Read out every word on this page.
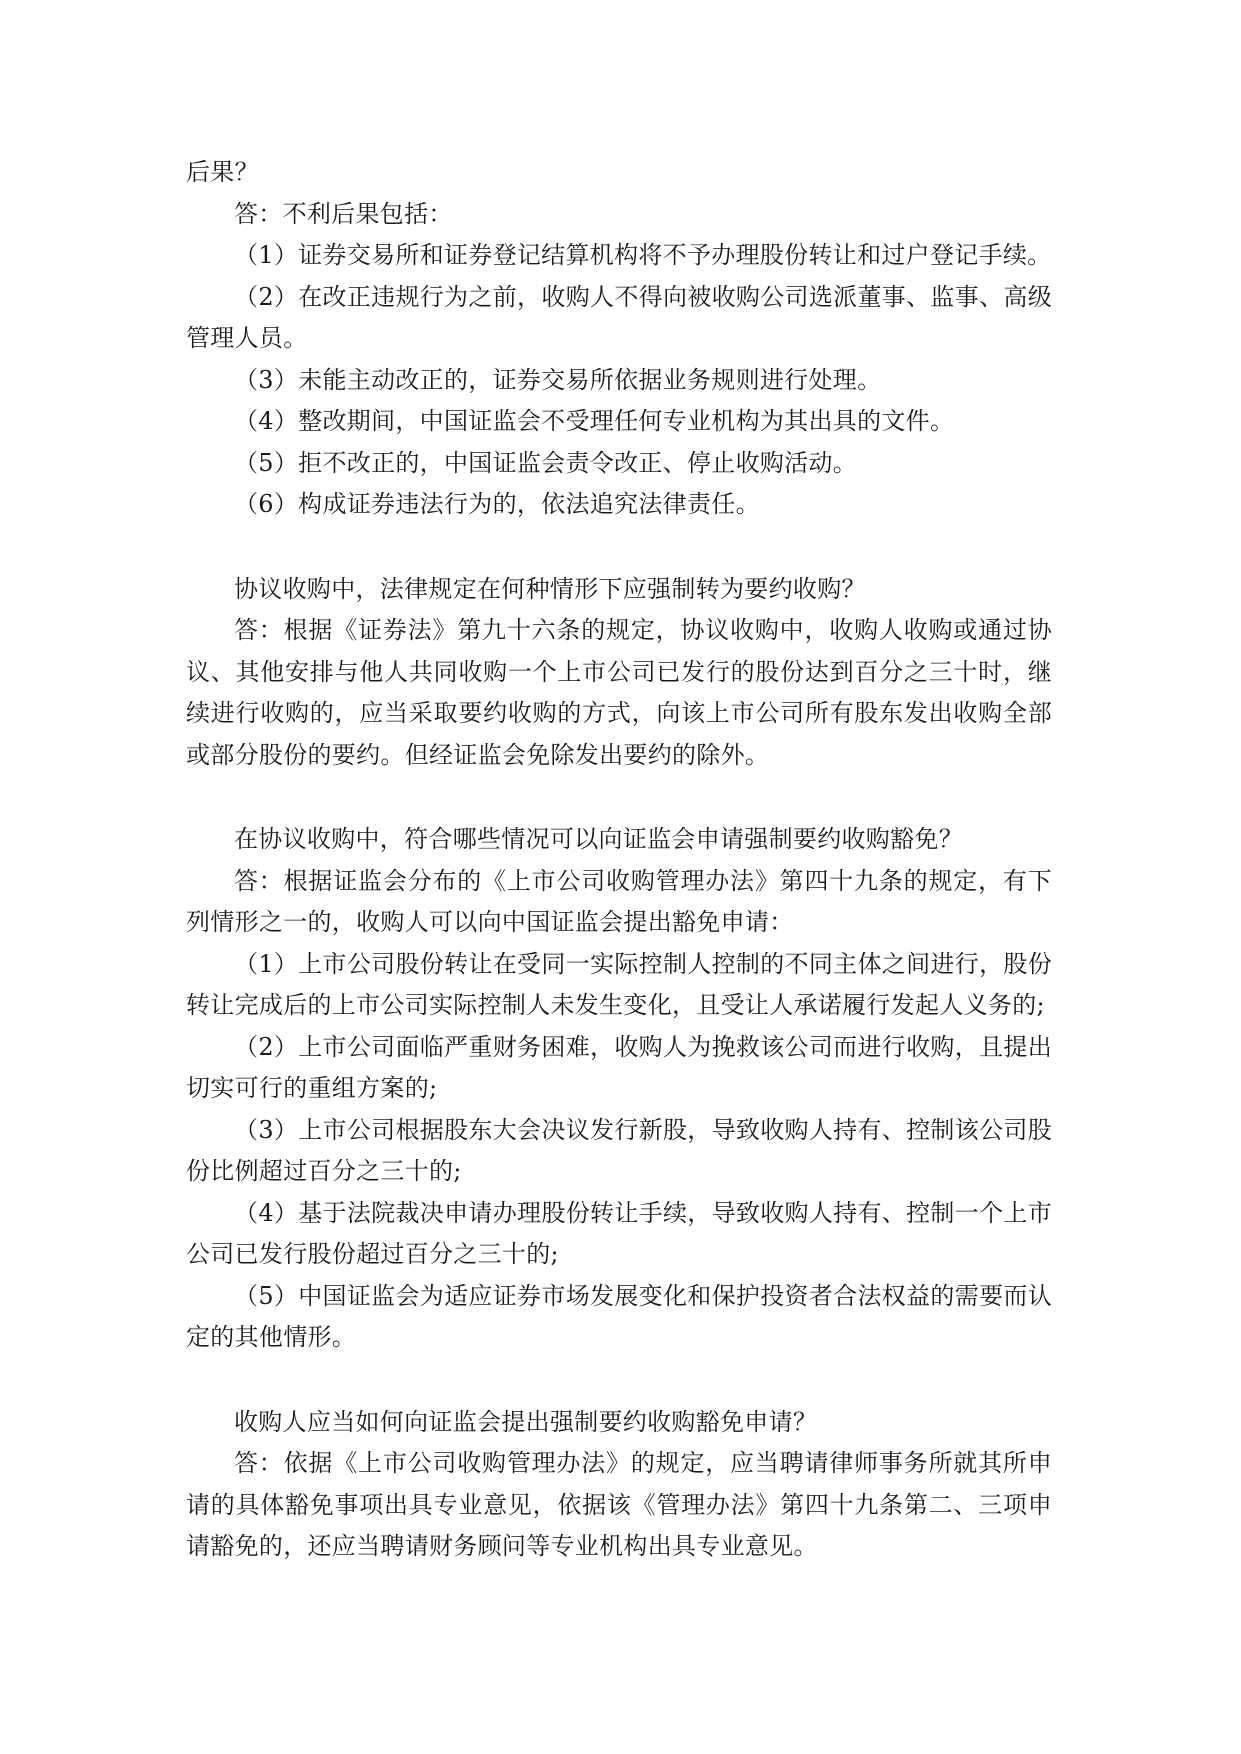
后果？

答：不利后果包括：

（1）证券交易所和证券登记结算机构将不予办理股份转让和过户登记手续。

（2）在改正违规行为之前，收购人不得向被收购公司选派董事、监事、高级管理人员。

（3）未能主动改正的，证券交易所依据业务规则进行处理。

（4）整改期间，中国证监会不受理任何专业机构为其出具的文件。

（5）拒不改正的，中国证监会责令改正、停止收购活动。

（6）构成证券违法行为的，依法追究法律责任。

协议收购中，法律规定在何种情形下应强制转为要约收购？

答：根据《证券法》第九十六条的规定，协议收购中，收购人收购或通过协议、其他安排与他人共同收购一个上市公司已发行的股份达到百分之三十时，继续进行收购的，应当采取要约收购的方式，向该上市公司所有股东发出收购全部或部分股份的要约。但经证监会免除发出要约的除外。

在协议收购中，符合哪些情况可以向证监会申请强制要约收购豁免？

答：根据证监会分布的《上市公司收购管理办法》第四十九条的规定，有下列情形之一的，收购人可以向中国证监会提出豁免申请：

（1）上市公司股份转让在受同一实际控制人控制的不同主体之间进行，股份转让完成后的上市公司实际控制人未发生变化，且受让人承诺履行发起人义务的;

（2）上市公司面临严重财务困难，收购人为挽救该公司而进行收购，且提出切实可行的重组方案的;

（3）上市公司根据股东大会决议发行新股，导致收购人持有、控制该公司股份比例超过百分之三十的;

（4）基于法院裁决申请办理股份转让手续，导致收购人持有、控制一个上市公司已发行股份超过百分之三十的;

（5）中国证监会为适应证券市场发展变化和保护投资者合法权益的需要而认定的其他情形。

收购人应当如何向证监会提出强制要约收购豁免申请？

答：依据《上市公司收购管理办法》的规定，应当聘请律师事务所就其所申请的具体豁免事项出具专业意见，依据该《管理办法》第四十九条第二、三项申请豁免的，还应当聘请财务顾问等专业机构出具专业意见。
